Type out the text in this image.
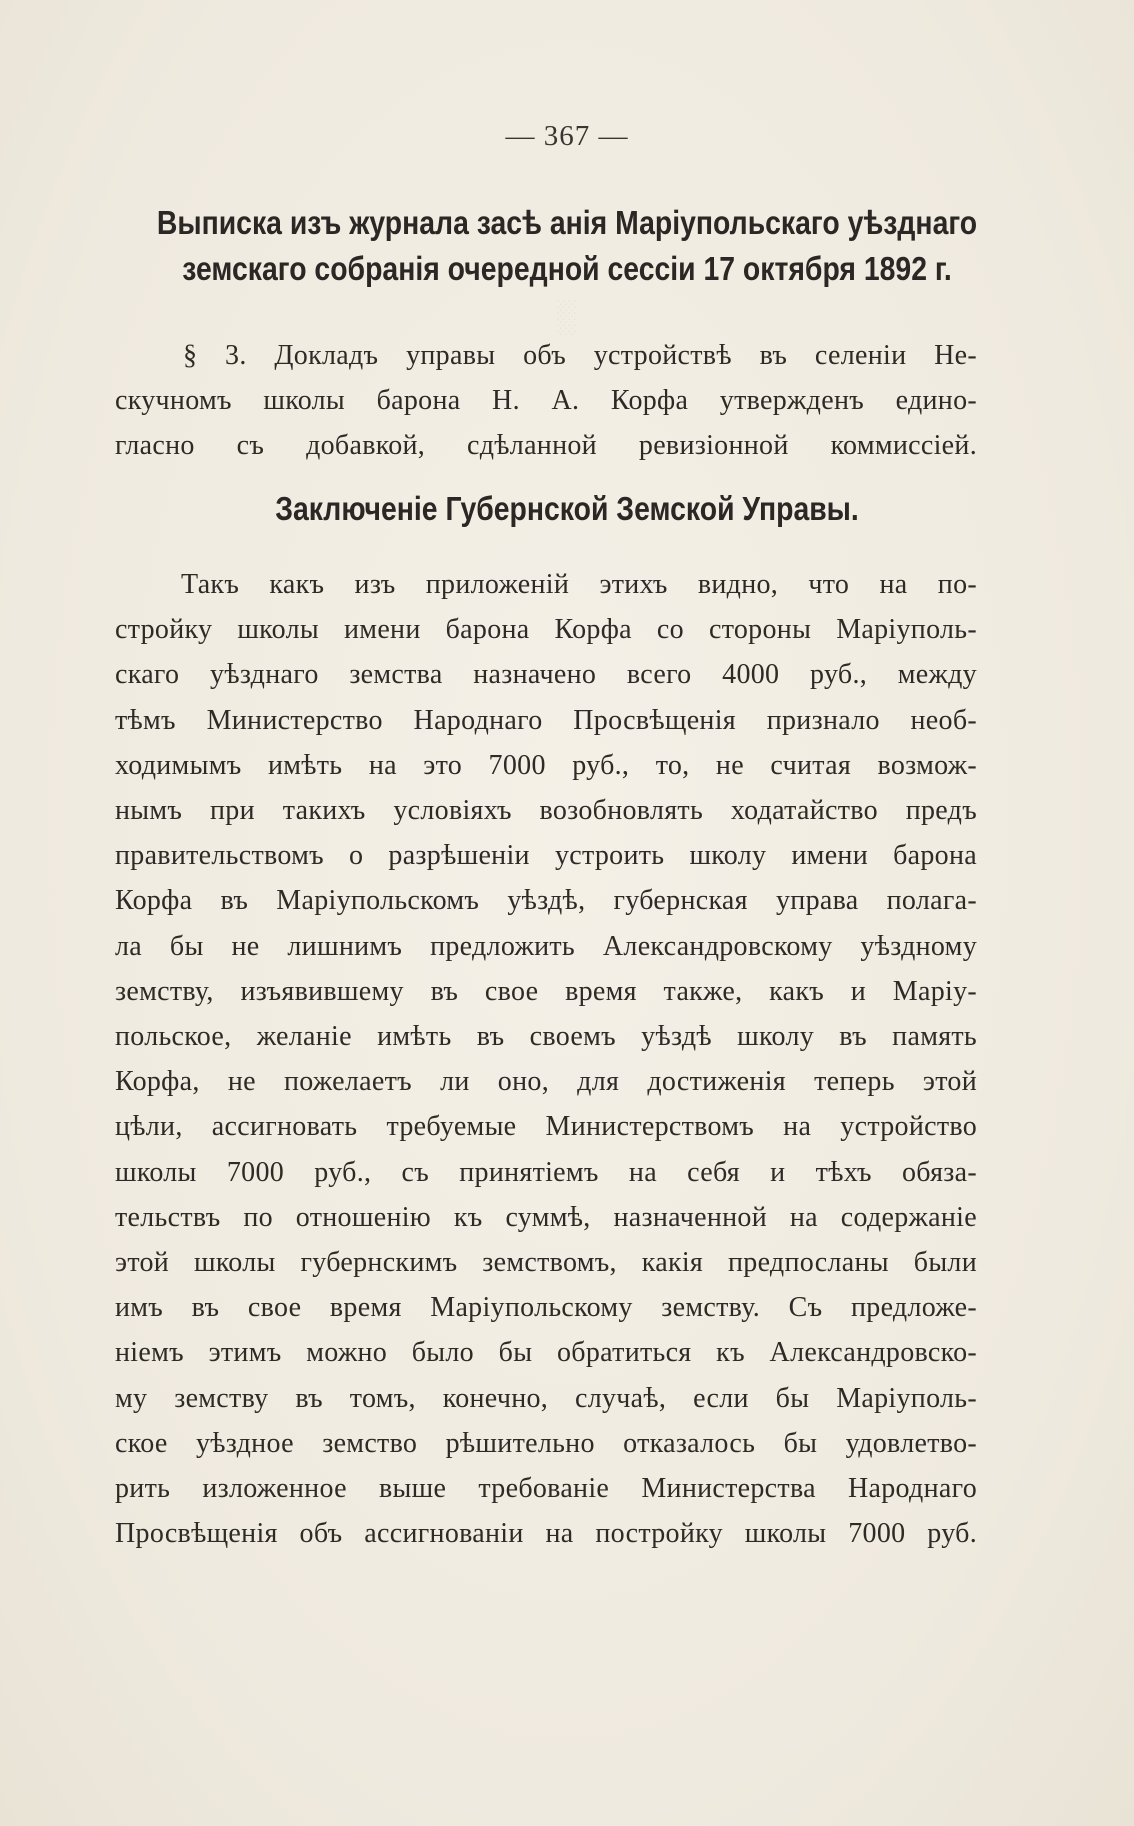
░
— 367 —
Выписка изъ журнала засѣ анія Маріупольскаго уѣзднаго
земскаго собранія очередной сессіи 17 октября 1892 г.
§ 3. Докладъ управы объ устройствѣ въ селеніи Не-
скучномъ школы барона Н. А. Корфа утвержденъ едино-
гласно съ добавкой, сдѣланной ревизіонной коммиссіей.
Заключеніе Губернской Земской Управы.
Такъ какъ изъ приложеній этихъ видно, что на по-
стройку школы имени барона Корфа со стороны Маріуполь-
скаго уѣзднаго земства назначено всего 4000 руб., между
тѣмъ Министерство Народнаго Просвѣщенія признало необ-
ходимымъ имѣть на это 7000 руб., то, не считая возмож-
нымъ при такихъ условіяхъ возобновлять ходатайство предъ
правительствомъ о разрѣшеніи устроить школу имени барона
Корфа въ Маріупольскомъ уѣздѣ, губернская управа полага-
ла бы не лишнимъ предложить Александровскому уѣздному
земству, изъявившему въ свое время также, какъ и Маріу-
польское, желаніе имѣть въ своемъ уѣздѣ школу въ память
Корфа, не пожелаетъ ли оно, для достиженія теперь этой
цѣли, ассигновать требуемые Министерствомъ на устройство
школы 7000 руб., съ принятіемъ на себя и тѣхъ обяза-
тельствъ по отношенію къ суммѣ, назначенной на содержаніе
этой школы губернскимъ земствомъ, какія предпосланы были
имъ въ свое время Маріупольскому земству. Съ предложе-
ніемъ этимъ можно было бы обратиться къ Александровско-
му земству въ томъ, конечно, случаѣ, если бы Маріуполь-
ское уѣздное земство рѣшительно отказалось бы удовлетво-
рить изложенное выше требованіе Министерства Народнаго
Просвѣщенія объ ассигнованіи на постройку школы 7000 руб.
